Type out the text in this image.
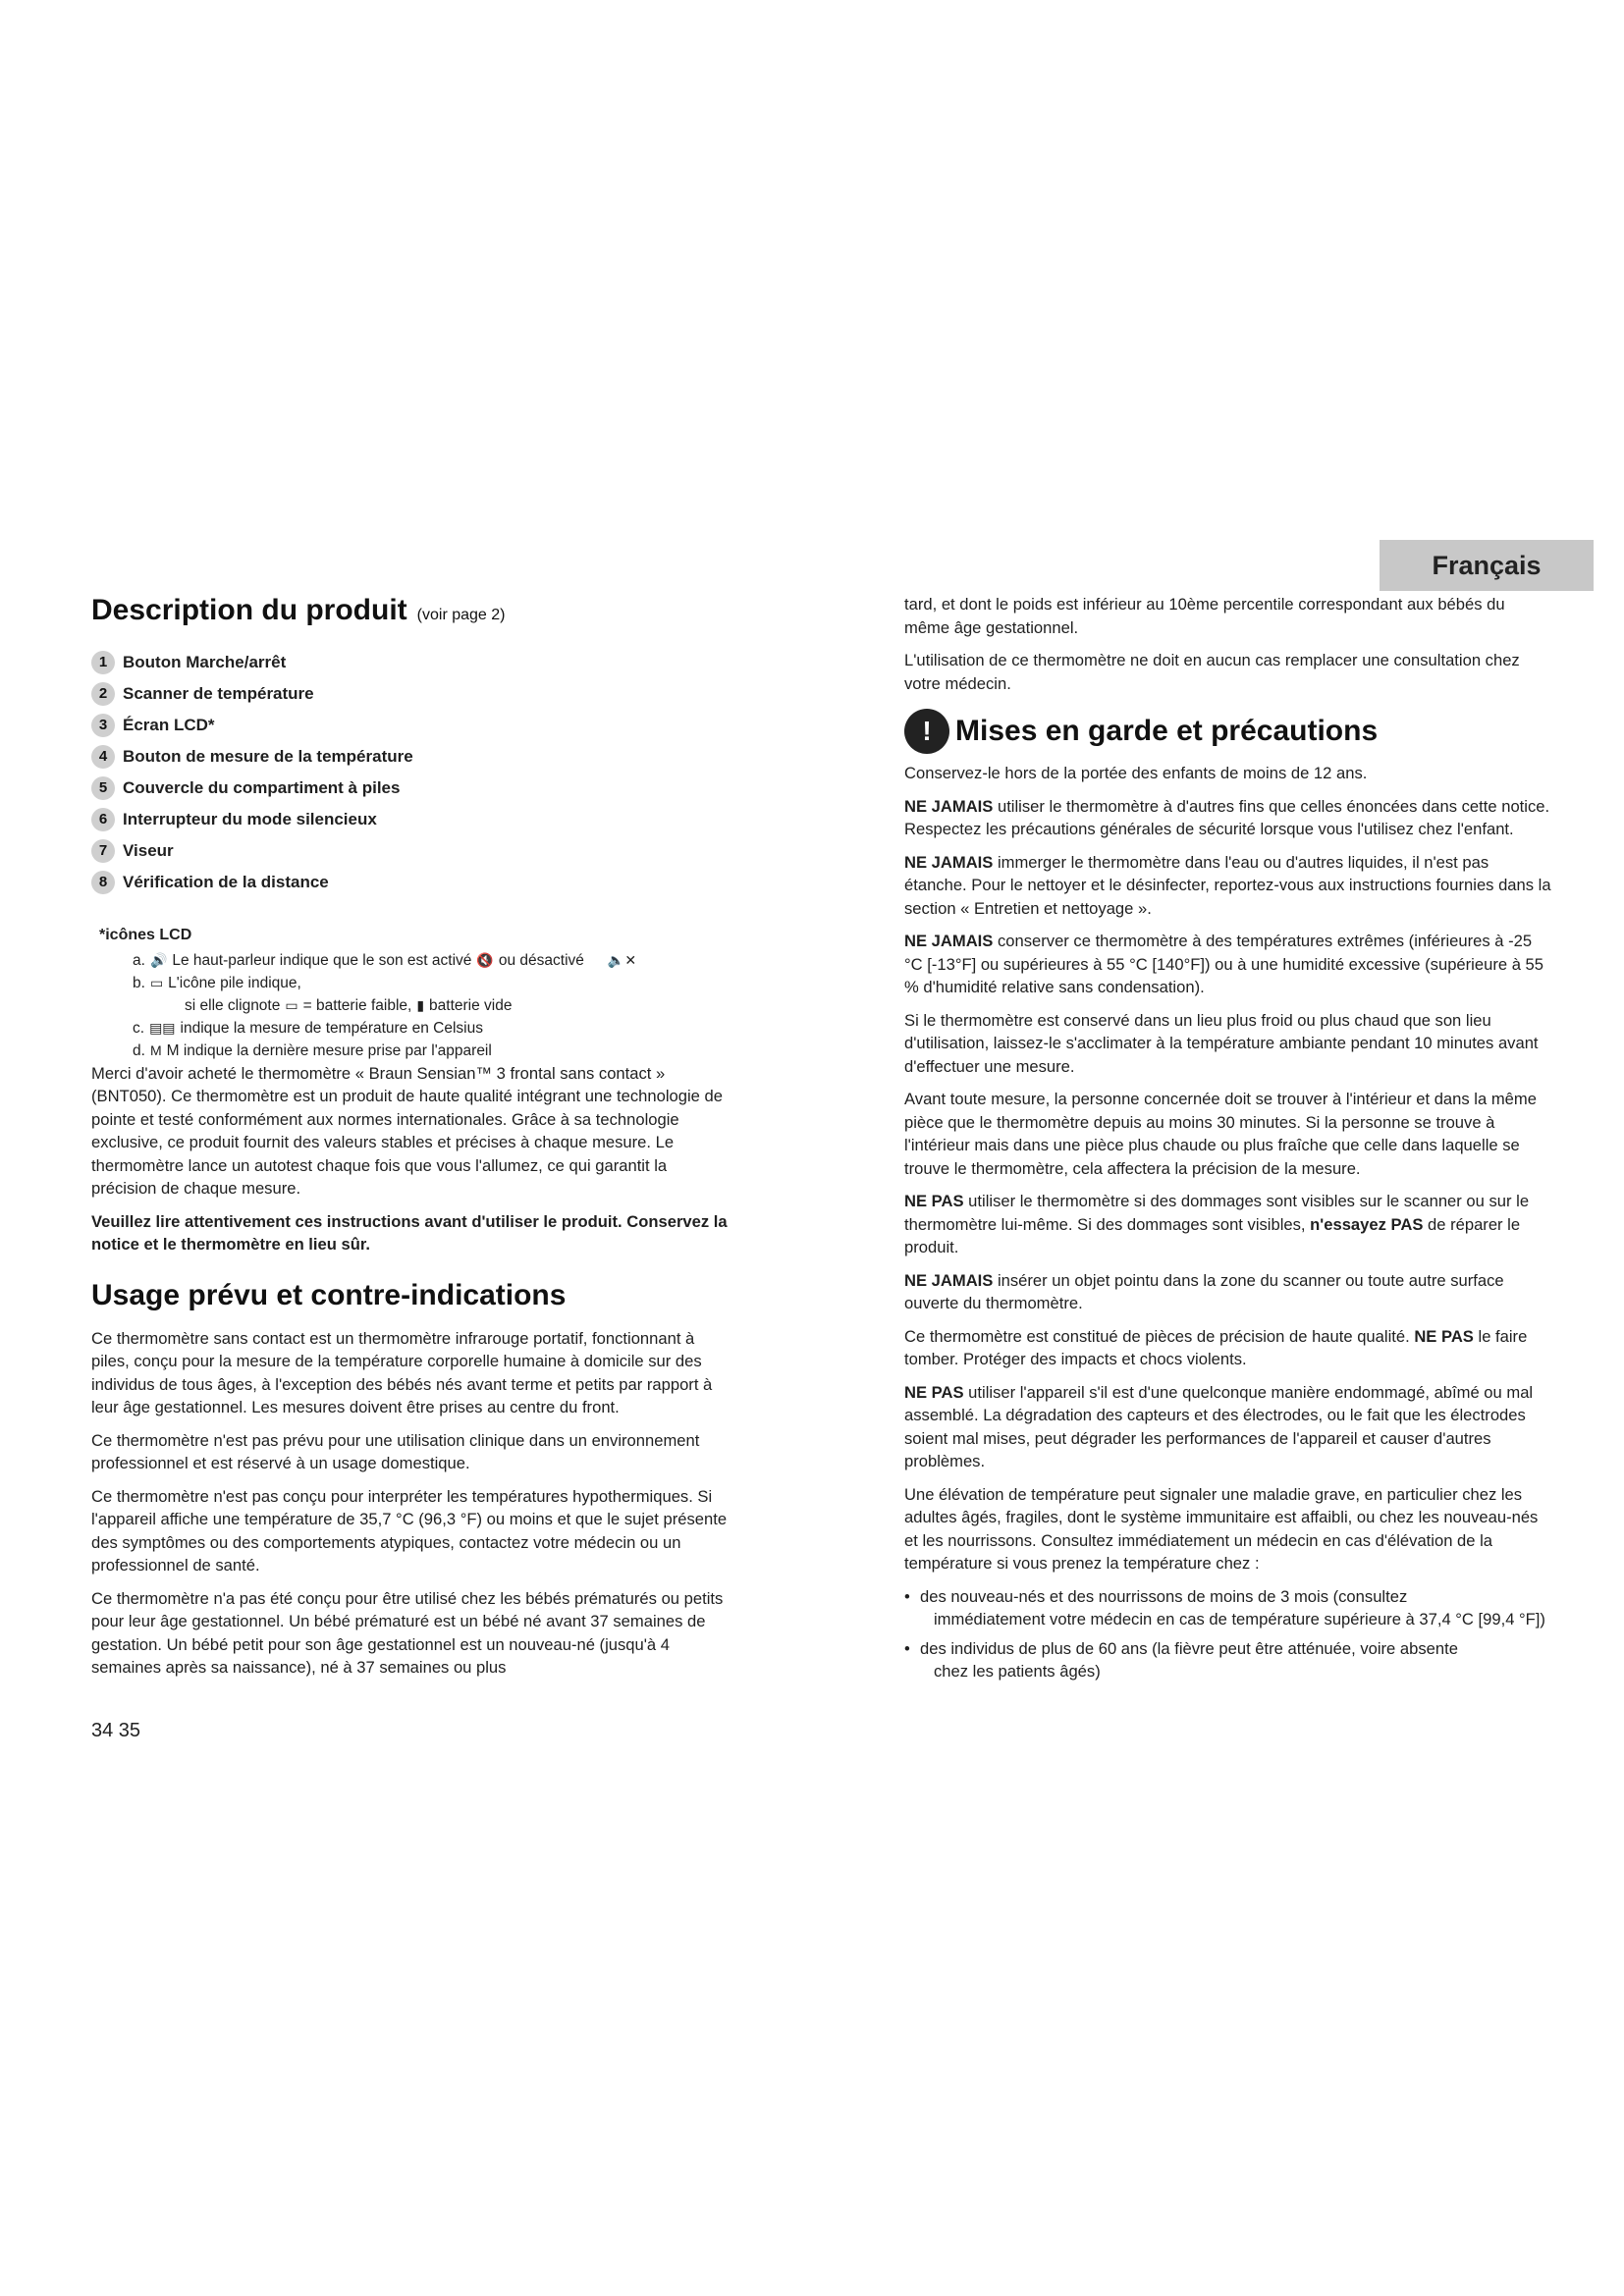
Français
Description du produit (voir page 2)
1 Bouton Marche/arrêt
2 Scanner de température
3 Écran LCD*
4 Bouton de mesure de la température
5 Couvercle du compartiment à piles
6 Interrupteur du mode silencieux
7 Viseur
8 Vérification de la distance
*icônes LCD
a. 🔊 Le haut-parleur indique que le son est activé 🔇 ou désactivé 🔈✕
b. ▭ L'icône pile indique,
si elle clignote ▭ = batterie faible, ▮ batterie vide
c. ▤▤ indique la mesure de température en Celsius
d. M M indique la dernière mesure prise par l'appareil

Merci d'avoir acheté le thermomètre « Braun Sensian™ 3 frontal sans contact » (BNT050). Ce thermomètre est un produit de haute qualité intégrant une technologie de pointe et testé conformément aux normes internationales. Grâce à sa technologie exclusive, ce produit fournit des valeurs stables et précises à chaque mesure. Le thermomètre lance un autotest chaque fois que vous l'allumez, ce qui garantit la précision de chaque mesure.

Veuillez lire attentivement ces instructions avant d'utiliser le produit. Conservez la notice et le thermomètre en lieu sûr.

Usage prévu et contre-indications

Ce thermomètre sans contact est un thermomètre infrarouge portatif, fonctionnant à piles, conçu pour la mesure de la température corporelle humaine à domicile sur des individus de tous âges, à l'exception des bébés nés avant terme et petits par rapport à leur âge gestationnel. Les mesures doivent être prises au centre du front.

Ce thermomètre n'est pas prévu pour une utilisation clinique dans un environnement professionnel et est réservé à un usage domestique.

Ce thermomètre n'est pas conçu pour interpréter les températures hypothermiques. Si l'appareil affiche une température de 35,7 °C (96,3 °F) ou moins et que le sujet présente des symptômes ou des comportements atypiques, contactez votre médecin ou un professionnel de santé.

Ce thermomètre n'a pas été conçu pour être utilisé chez les bébés prématurés ou petits pour leur âge gestationnel. Un bébé prématuré est un bébé né avant 37 semaines de gestation. Un bébé petit pour son âge gestationnel est un nouveau-né (jusqu'à 4 semaines après sa naissance), né à 37 semaines ou plus

tard, et dont le poids est inférieur au 10ème percentile correspondant aux bébés du même âge gestationnel.

L'utilisation de ce thermomètre ne doit en aucun cas remplacer une consultation chez votre médecin.

! Mises en garde et précautions

Conservez-le hors de la portée des enfants de moins de 12 ans.

NE JAMAIS utiliser le thermomètre à d'autres fins que celles énoncées dans cette notice. Respectez les précautions générales de sécurité lorsque vous l'utilisez chez l'enfant.

NE JAMAIS immerger le thermomètre dans l'eau ou d'autres liquides, il n'est pas étanche. Pour le nettoyer et le désinfecter, reportez-vous aux instructions fournies dans la section « Entretien et nettoyage ».

NE JAMAIS conserver ce thermomètre à des températures extrêmes (inférieures à -25 °C [-13°F] ou supérieures à 55 °C [140°F]) ou à une humidité excessive (supérieure à 55 % d'humidité relative sans condensation).

Si le thermomètre est conservé dans un lieu plus froid ou plus chaud que son lieu d'utilisation, laissez-le s'acclimater à la température ambiante pendant 10 minutes avant d'effectuer une mesure.

Avant toute mesure, la personne concernée doit se trouver à l'intérieur et dans la même pièce que le thermomètre depuis au moins 30 minutes. Si la personne se trouve à l'intérieur mais dans une pièce plus chaude ou plus fraîche que celle dans laquelle se trouve le thermomètre, cela affectera la précision de la mesure.

NE PAS utiliser le thermomètre si des dommages sont visibles sur le scanner ou sur le thermomètre lui-même. Si des dommages sont visibles, n'essayez PAS de réparer le produit.

NE JAMAIS insérer un objet pointu dans la zone du scanner ou toute autre surface ouverte du thermomètre.

Ce thermomètre est constitué de pièces de précision de haute qualité. NE PAS le faire tomber. Protéger des impacts et chocs violents.

NE PAS utiliser l'appareil s'il est d'une quelconque manière endommagé, abîmé ou mal assemblé. La dégradation des capteurs et des électrodes, ou le fait que les électrodes soient mal mises, peut dégrader les performances de l'appareil et causer d'autres problèmes.

Une élévation de température peut signaler une maladie grave, en particulier chez les adultes âgés, fragiles, dont le système immunitaire est affaibli, ou chez les nouveau-nés et les nourrissons. Consultez immédiatement un médecin en cas d'élévation de la température si vous prenez la température chez :

• des nouveau-nés et des nourrissons de moins de 3 mois (consultez
immédiatement votre médecin en cas de température supérieure à 37,4 °C [99,4 °F])
• des individus de plus de 60 ans (la fièvre peut être atténuée, voire absente
chez les patients âgés)
34 35
